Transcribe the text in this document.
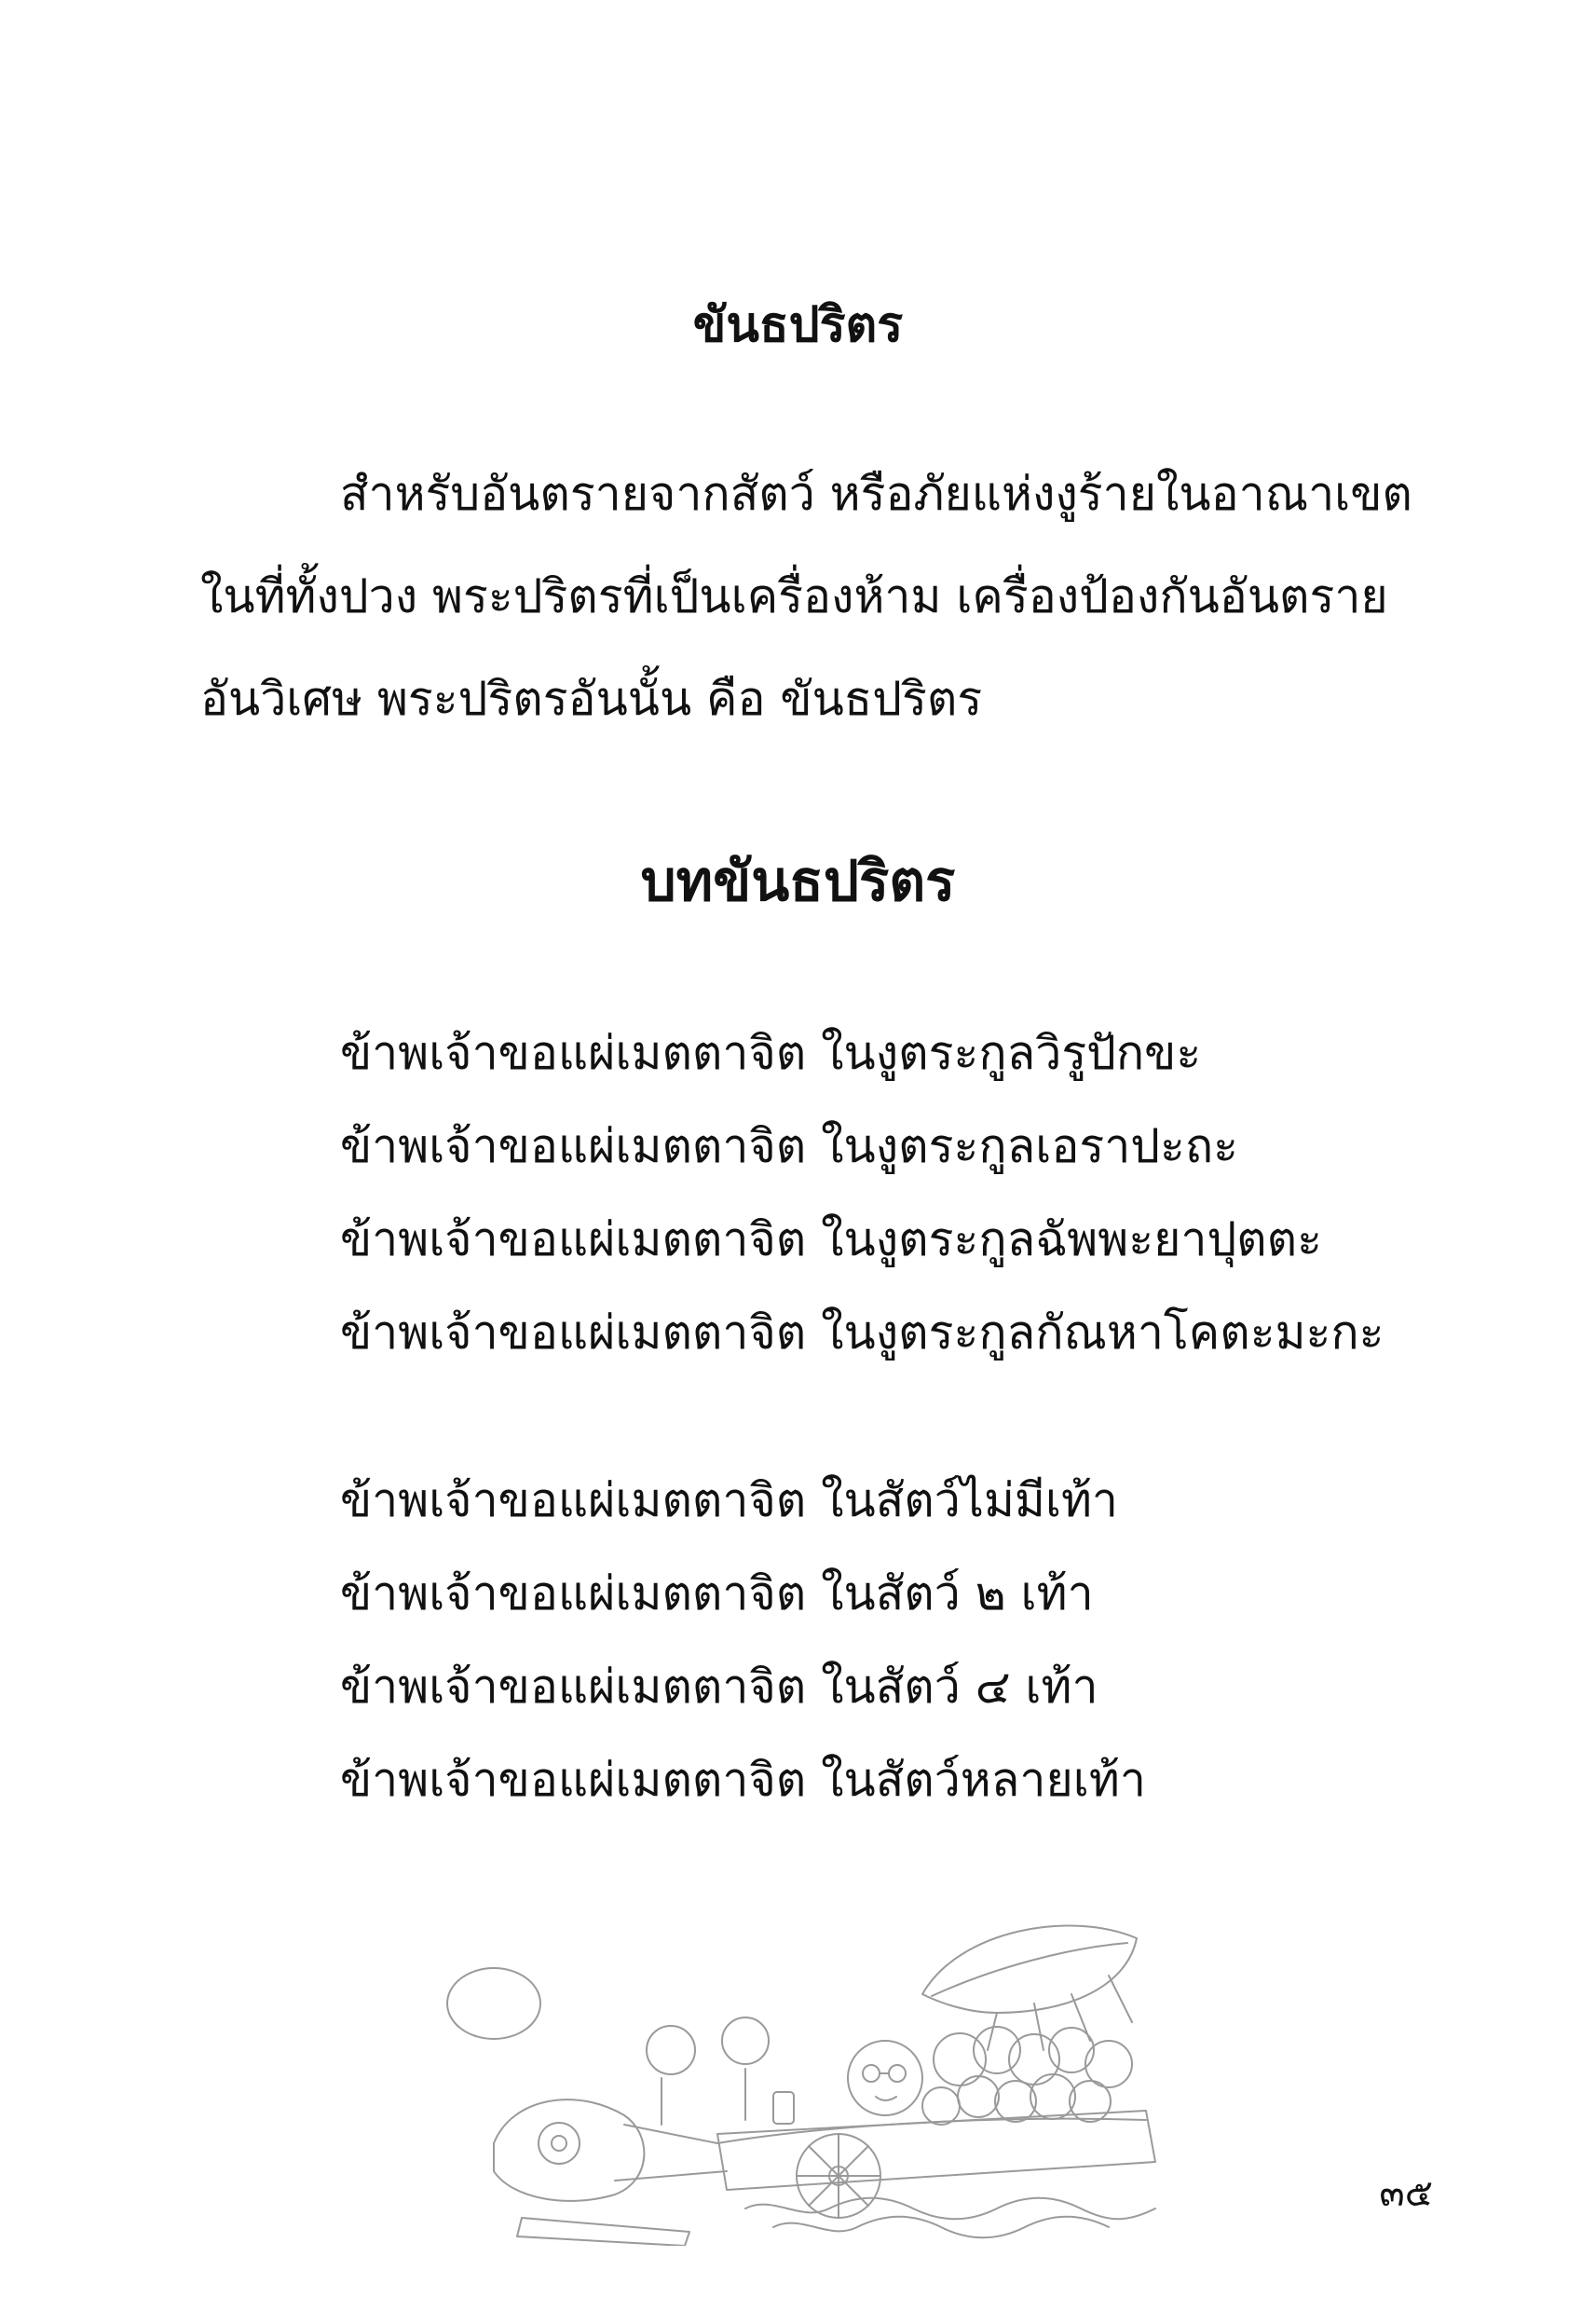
ขันธปริตร
สำหรับอันตรายจากสัตว์ หรือภัยแห่งงูร้ายในอาณาเขต
ในที่ทั้งปวง พระปริตรที่เป็นเครื่องห้าม เครื่องป้องกันอันตราย
อันวิเศษ พระปริตรอันนั้น คือ ขันธปริตร
บทขันธปริตร
ข้าพเจ้าขอแผ่เมตตาจิต ในงูตระกูลวิรูปักขะ
ข้าพเจ้าขอแผ่เมตตาจิต ในงูตระกูลเอราปะถะ
ข้าพเจ้าขอแผ่เมตตาจิต ในงูตระกูลฉัพพะยาปุตตะ
ข้าพเจ้าขอแผ่เมตตาจิต ในงูตระกูลกัณหาโคตะมะกะ
ข้าพเจ้าขอแผ่เมตตาจิต ในสัตว์ไม่มีเท้า
ข้าพเจ้าขอแผ่เมตตาจิต ในสัตว์ ๒ เท้า
ข้าพเจ้าขอแผ่เมตตาจิต ในสัตว์ ๔ เท้า
ข้าพเจ้าขอแผ่เมตตาจิต ในสัตว์หลายเท้า
๓๕
